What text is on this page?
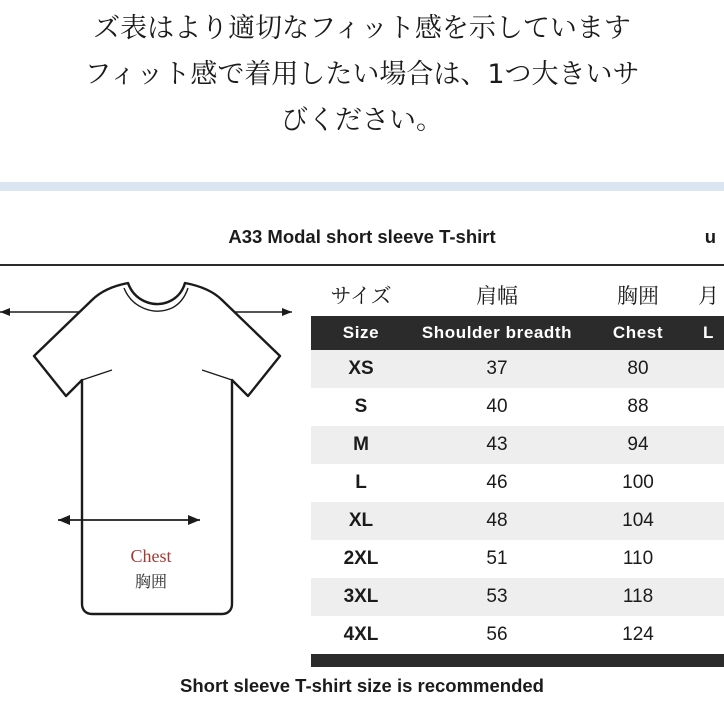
ズ表はより適切なフィット感を示しています
フィット感で着用したい場合は、1つ大きいサ
びください。
A33 Modal short sleeve T-shirt	u
Chest
胸囲
サイズ	肩幅	胸囲	月
Size	Shoulder breadth	Chest	L
XS	37	80	
S	40	88	
M	43	94	
L	46	100	
XL	48	104	
2XL	51	110	
3XL	53	118	
4XL	56	124	
Short sleeve T-shirt size is recommended
